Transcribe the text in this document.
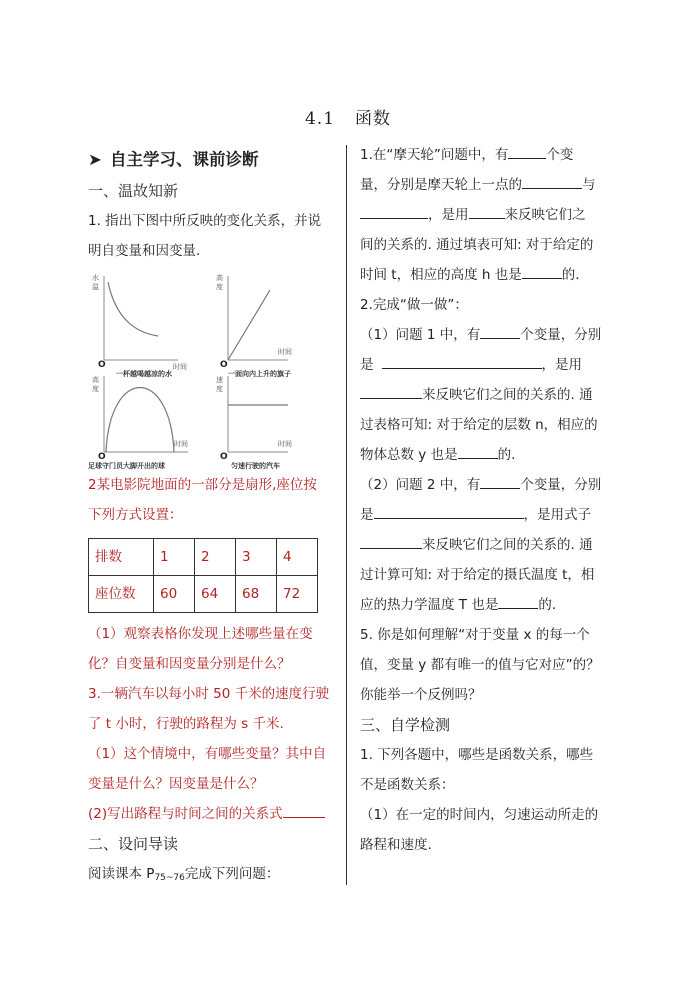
4.1 函数
➤ 自主学习、课前诊断
一、温故知新
1. 指出下图中所反映的变化关系，并说
明自变量和因变量.
水
温
时间
O
一杯越喝越凉的水
高
度
时间
O
一面向内上升的旗子
高
度
时间
O
足球守门员大脚开出的球
速
度
时间
O
匀速行驶的汽车
2某电影院地面的一部分是扇形,座位按
下列方式设置：
排数	1	2	3	4
座位数	60	64	68	72
（1）观察表格你发现上述哪些量在变
化？自变量和因变量分别是什么？
3.一辆汽车以每小时 50 千米的速度行驶
了 t 小时，行驶的路程为 s 千米.
（1）这个情境中，有哪些变量？其中自
变量是什么？因变量是什么？
(2)写出路程与时间之间的关系式
二、设问导读
阅读课本 $P_{75\sim 76}$完成下列问题：
1.在“摩天轮”问题中，有	个变
量，分别是摩天轮上一点的	与
，是用	来反映它们之
间的关系的. 通过填表可知: 对于给定的
时间 t，相应的高度 h 也是	的.
2.完成“做一做”：
（1）问题 1 中，有	个变量，分别
是	，是用
来反映它们之间的关系的. 通
过表格可知: 对于给定的层数 n，相应的
物体总数 y 也是	的.
（2）问题 2 中，有	个变量，分别
是	，是用式子
来反映它们之间的关系的. 通
过计算可知: 对于给定的摄氏温度 t，相
应的热力学温度 T 也是	的.
5. 你是如何理解“对于变量 x 的每一个
值，变量 y 都有唯一的值与它对应”的？
你能举一个反例吗？
三、自学检测
1. 下列各题中，哪些是函数关系，哪些
不是函数关系：
（1）在一定的时间内，匀速运动所走的
路程和速度.
